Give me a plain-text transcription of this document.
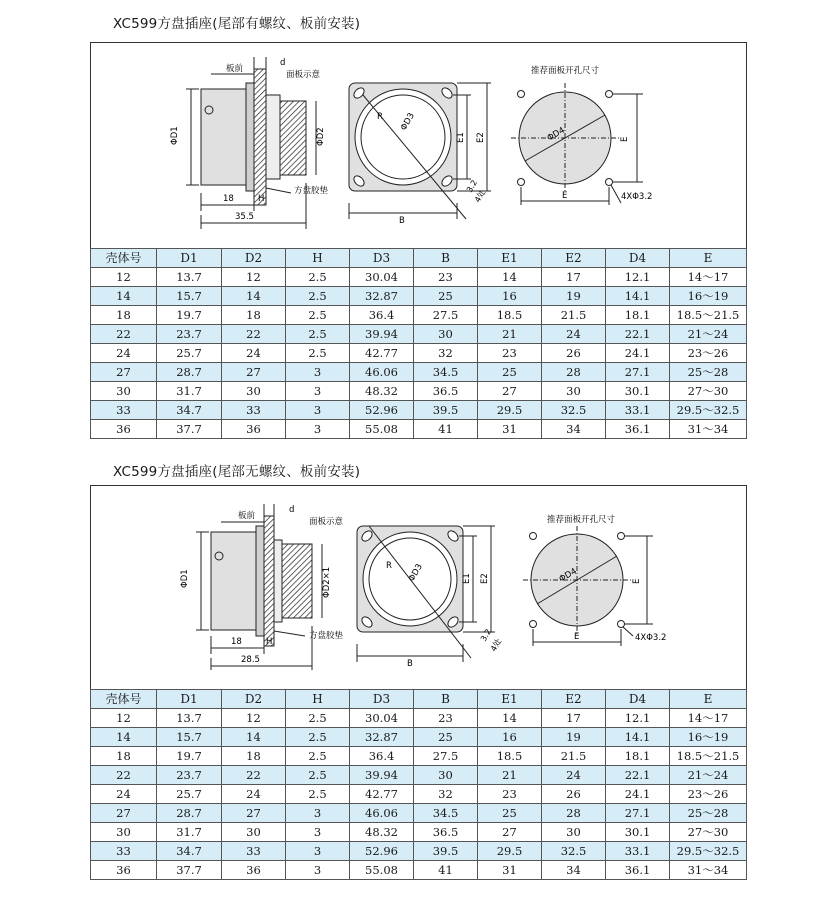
XC599方盘插座(尾部有螺纹、板前安装)
板前
d
面板示意
ΦD1	ΦD2
18	H
35.5
方盘胶垫
R ΦD3
E1 E2
3.2
4处
B
推荐面板开孔尺寸
ΦD4	E
E	4XΦ3.2
壳体号	D1	D2	H	D3	B	E1	E2	D4	E
12	13.7	12	2.5	30.04	23	14	17	12.1	14～17
14	15.7	14	2.5	32.87	25	16	19	14.1	16～19
18	19.7	18	2.5	36.4	27.5	18.5	21.5	18.1	18.5～21.5
22	23.7	22	2.5	39.94	30	21	24	22.1	21～24
24	25.7	24	2.5	42.77	32	23	26	24.1	23～26
27	28.7	27	3	46.06	34.5	25	28	27.1	25～28
30	31.7	30	3	48.32	36.5	27	30	30.1	27～30
33	34.7	33	3	52.96	39.5	29.5	32.5	33.1	29.5～32.5
36	37.7	36	3	55.08	41	31	34	36.1	31～34
XC599方盘插座(尾部无螺纹、板前安装)
板前
d
面板示意
ΦD1	ΦD2×1
18	H
28.5
方盘胶垫
R ΦD3	E1 E2
3.2
4处
B
推荐面板开孔尺寸
ΦD4	E
E	4XΦ3.2
壳体号	D1	D2	H	D3	B	E1	E2	D4	E
12	13.7	12	2.5	30.04	23	14	17	12.1	14～17
14	15.7	14	2.5	32.87	25	16	19	14.1	16～19
18	19.7	18	2.5	36.4	27.5	18.5	21.5	18.1	18.5～21.5
22	23.7	22	2.5	39.94	30	21	24	22.1	21～24
24	25.7	24	2.5	42.77	32	23	26	24.1	23～26
27	28.7	27	3	46.06	34.5	25	28	27.1	25～28
30	31.7	30	3	48.32	36.5	27	30	30.1	27～30
33	34.7	33	3	52.96	39.5	29.5	32.5	33.1	29.5～32.5
36	37.7	36	3	55.08	41	31	34	36.1	31～34
